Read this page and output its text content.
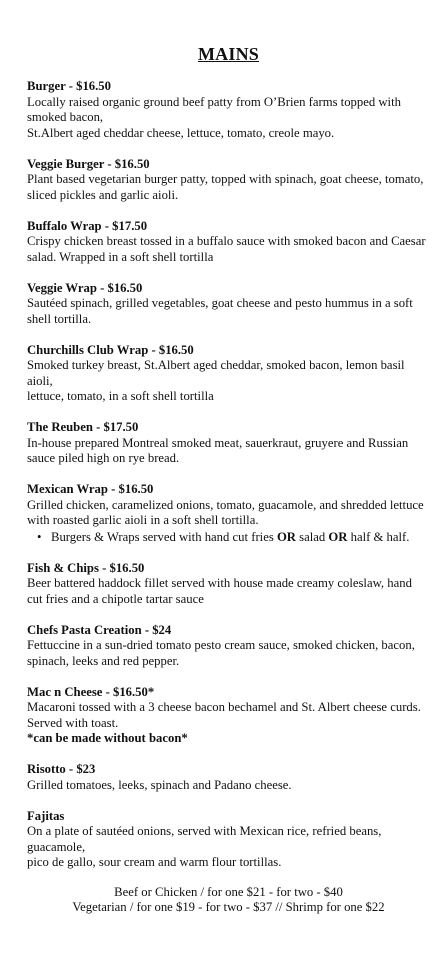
MAINS
Burger - $16.50
Locally raised organic ground beef patty from O’Brien farms topped with smoked bacon,
St.Albert aged cheddar cheese, lettuce, tomato, creole mayo.
Veggie Burger - $16.50
Plant based vegetarian burger patty, topped with spinach, goat cheese, tomato, sliced pickles and garlic aioli.
Buffalo Wrap - $17.50
Crispy chicken breast tossed in a buffalo sauce with smoked bacon and Caesar salad. Wrapped in a soft shell tortilla
Veggie Wrap - $16.50
Sautéed spinach, grilled vegetables, goat cheese and pesto hummus in a soft shell tortilla.
Churchills Club Wrap - $16.50
Smoked turkey breast, St.Albert aged cheddar, smoked bacon, lemon basil aioli,
lettuce, tomato, in a soft shell tortilla
The Reuben - $17.50
In-house prepared Montreal smoked meat, sauerkraut, gruyere and Russian sauce piled high on rye bread.
Mexican Wrap - $16.50
Grilled chicken, caramelized onions, tomato, guacamole, and shredded lettuce with roasted garlic aioli in a soft shell tortilla.
• Burgers & Wraps served with hand cut fries OR salad OR half & half.
Fish & Chips - $16.50
Beer battered haddock fillet served with house made creamy coleslaw, hand cut fries and a chipotle tartar sauce
Chefs Pasta Creation - $24
Fettuccine in a sun-dried tomato pesto cream sauce, smoked chicken, bacon, spinach, leeks and red pepper.
Mac n Cheese - $16.50*
Macaroni tossed with a 3 cheese bacon bechamel and St. Albert cheese curds. Served with toast.
*can be made without bacon*
Risotto - $23
Grilled tomatoes, leeks, spinach and Padano cheese.
Fajitas
On a plate of sautéed onions, served with Mexican rice, refried beans, guacamole,
pico de gallo, sour cream and warm flour tortillas.
Beef or Chicken / for one $21 - for two - $40
Vegetarian / for one $19 - for two - $37 // Shrimp for one $22
